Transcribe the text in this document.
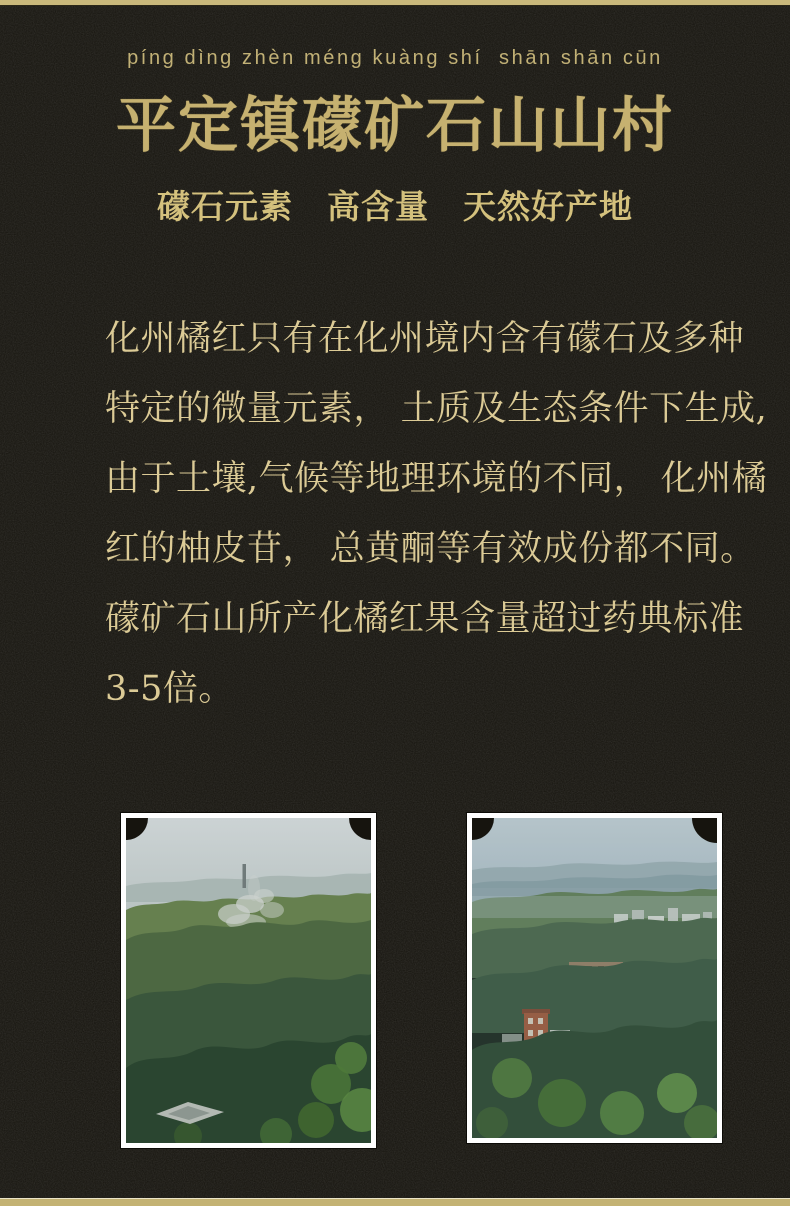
píng dìng zhèn méng kuàng shí  shān shān cūn
平定镇礞矿石山山村
礞石元素　高含量　天然好产地
化州橘红只有在化州境内含有礞石及多种
特定的微量元素， 土质及生态条件下生成,
由于土壤,气候等地理环境的不同， 化州橘
红的柚皮苷， 总黄酮等有效成份都不同。
礞矿石山所产化橘红果含量超过药典标准
3-5倍。
